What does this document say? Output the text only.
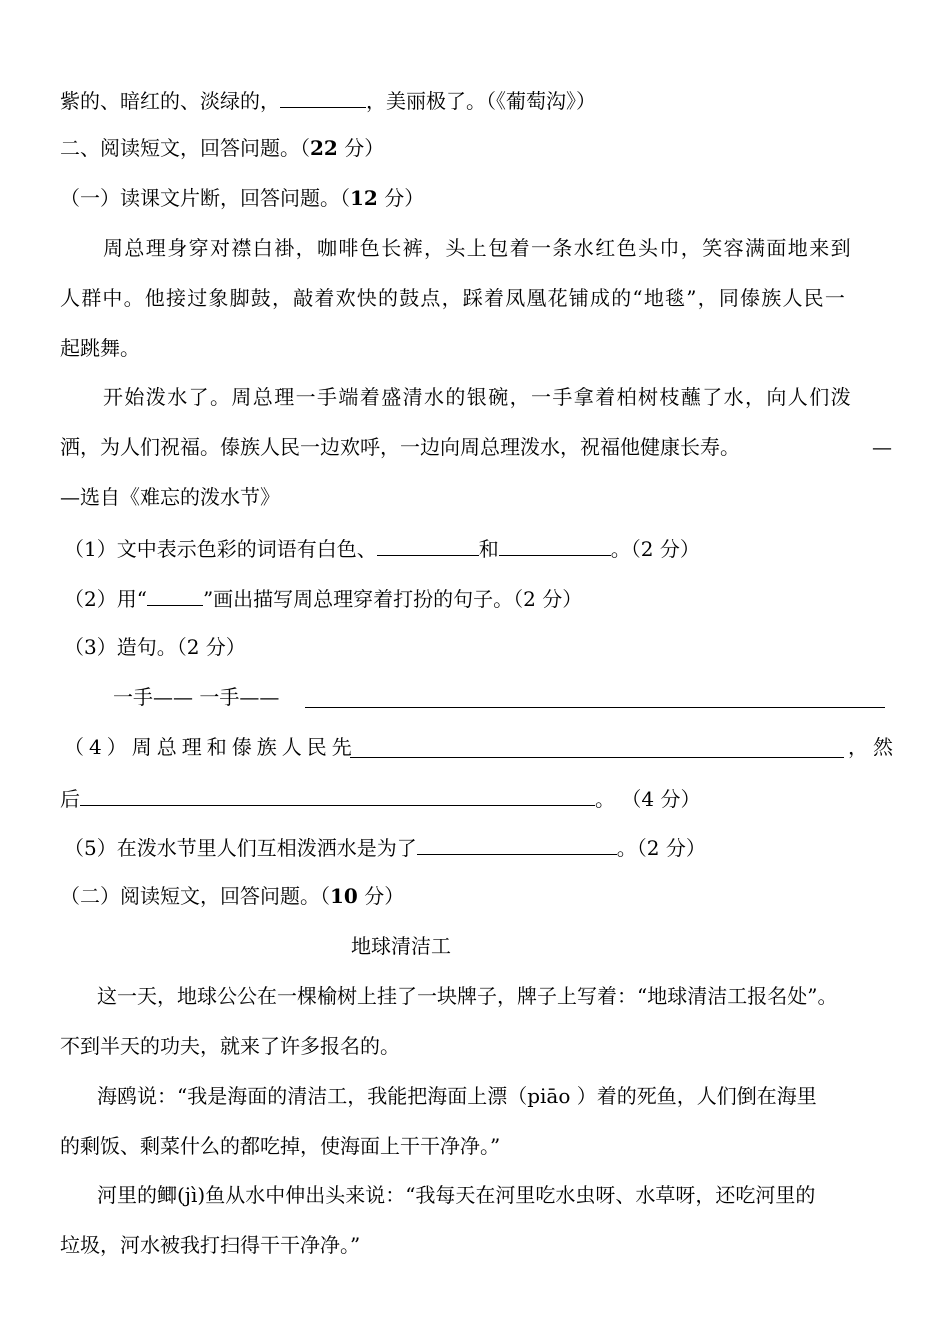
紫的、暗红的、淡绿的，	，美丽极了。（《葡萄沟》）
二、阅读短文，回答问题。（22 分）
（一）读课文片断，回答问题。（12 分）
周总理身穿对襟白褂，咖啡色长裤，头上包着一条水红色头巾，笑容满面地来到
人群中。他接过象脚鼓，敲着欢快的鼓点，踩着凤凰花铺成的“地毯”，同傣族人民一
起跳舞。
开始泼水了。周总理一手端着盛清水的银碗，一手拿着柏树枝蘸了水，向人们泼
洒，为人们祝福。傣族人民一边欢呼，一边向周总理泼水，祝福他健康长寿。	—
—选自《难忘的泼水节》
（1）文中表示色彩的词语有白色、	和	。（2 分）
（2）用“	”画出描写周总理穿着打扮的句子。（2 分）
（3）造句。（2 分）
一手—— 一手——
（4）周总理和傣族人民先	，然
后	。 （4 分）
（5）在泼水节里人们互相泼洒水是为了	。（2 分）
（二）阅读短文，回答问题。（10 分）
地球清洁工
这一天，地球公公在一棵榆树上挂了一块牌子，牌子上写着：“地球清洁工报名处”。
不到半天的功夫，就来了许多报名的。
海鸥说：“我是海面的清洁工，我能把海面上漂（piāo ）着的死鱼，人们倒在海里
的剩饭、剩菜什么的都吃掉，使海面上干干净净。”
河里的鲫(jì)鱼从水中伸出头来说：“我每天在河里吃水虫呀、水草呀，还吃河里的
垃圾，河水被我打扫得干干净净。”
